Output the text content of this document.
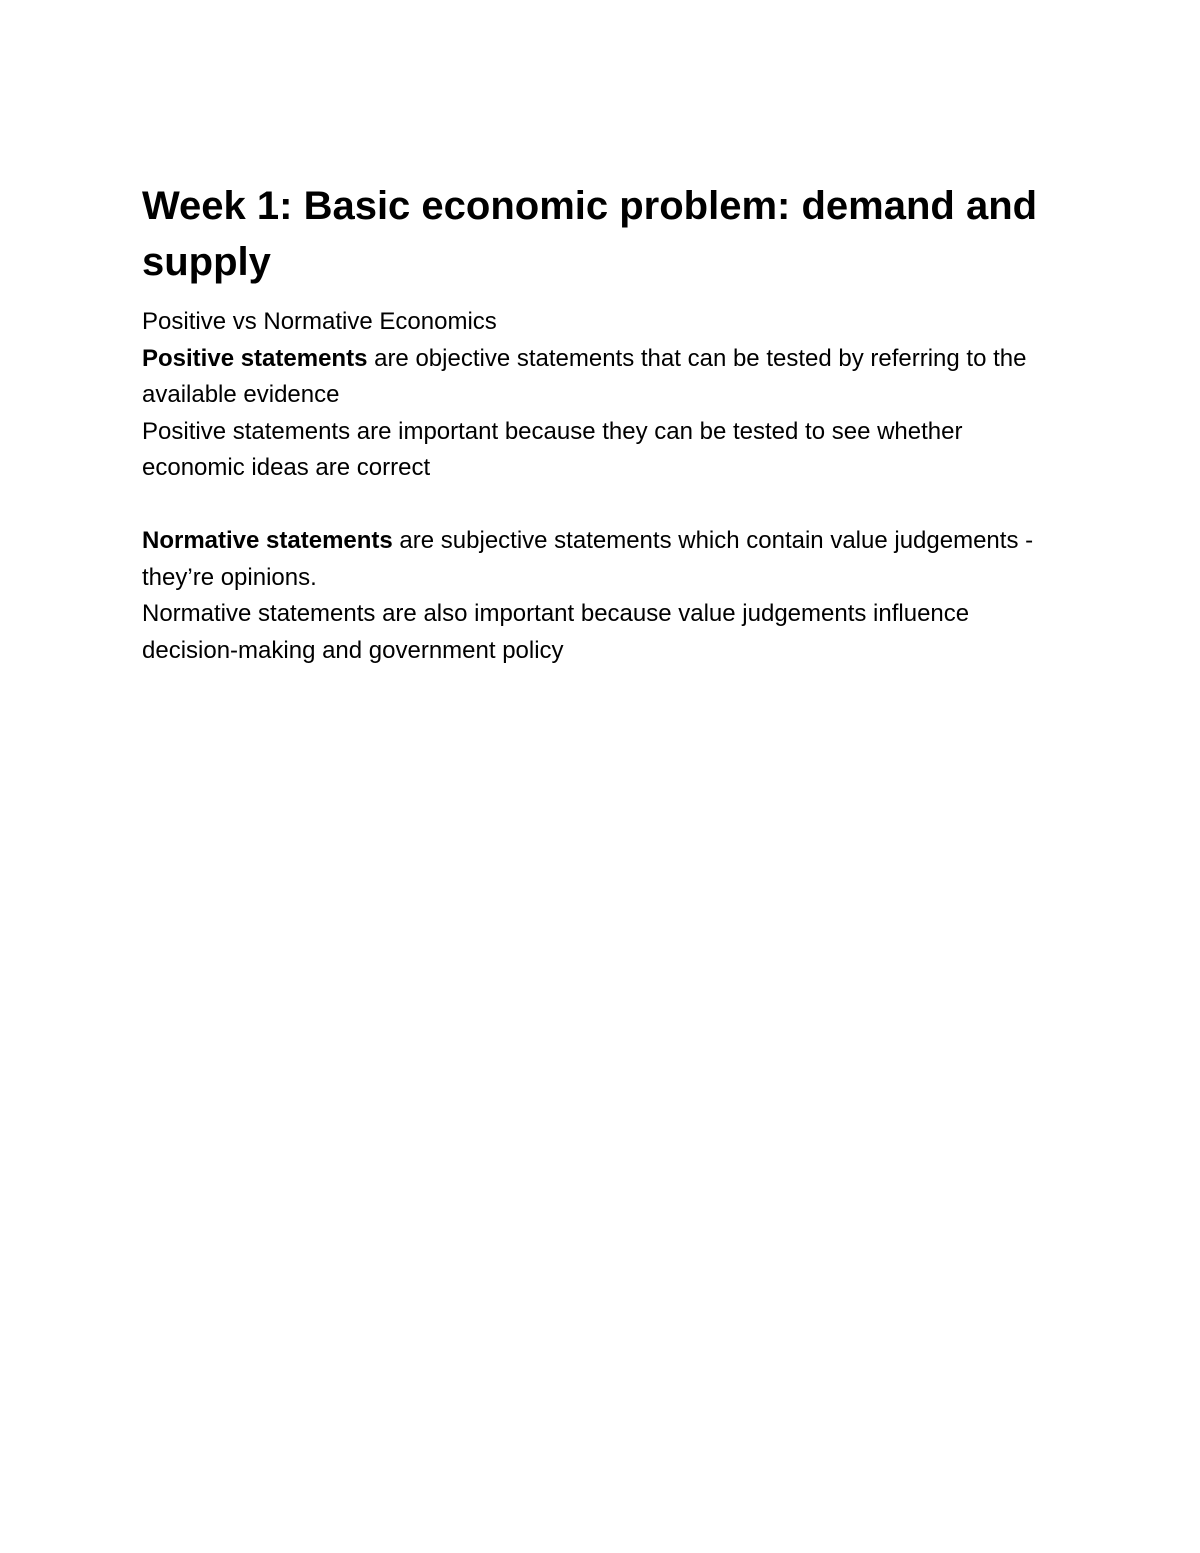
Week 1: Basic economic problem: demand and supply

Positive vs Normative Economics

Positive statements are objective statements that can be tested by referring to the available evidence

Positive statements are important because they can be tested to see whether economic ideas are correct

Normative statements are subjective statements which contain value judgements - they’re opinions.

Normative statements are also important because value judgements influence decision-making and government policy
